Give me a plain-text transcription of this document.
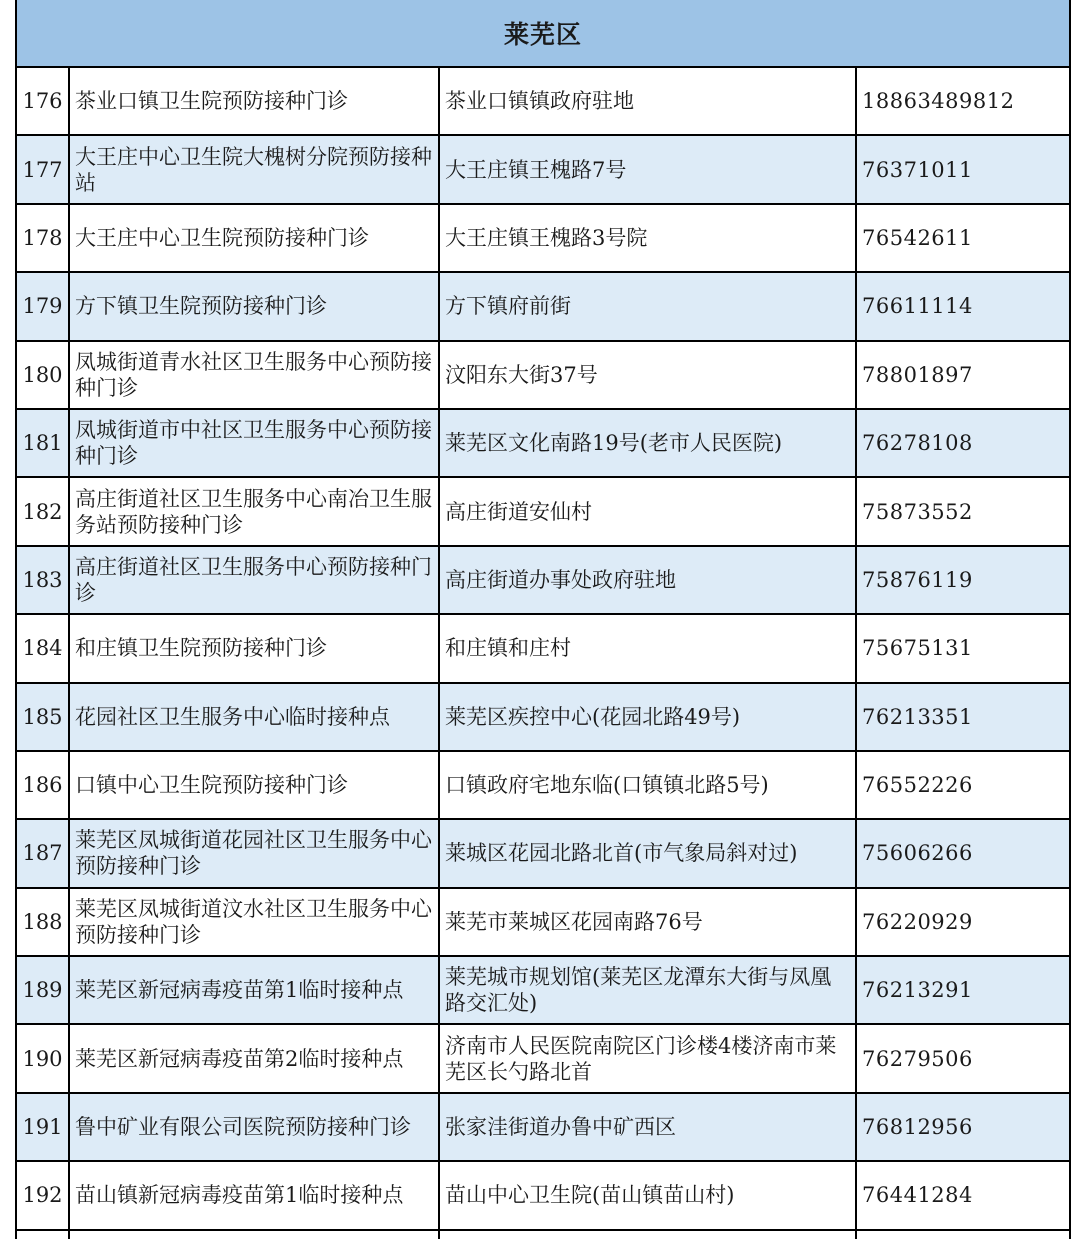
莱芜区			
176	茶业口镇卫生院预防接种门诊	茶业口镇镇政府驻地	18863489812
177	大王庄中心卫生院大槐树分院预防接种站	大王庄镇王槐路7号	76371011
178	大王庄中心卫生院预防接种门诊	大王庄镇王槐路3号院	76542611
179	方下镇卫生院预防接种门诊	方下镇府前街	76611114
180	凤城街道青水社区卫生服务中心预防接种门诊	汶阳东大街37号	78801897
181	凤城街道市中社区卫生服务中心预防接种门诊	莱芜区文化南路19号(老市人民医院)	76278108
182	高庄街道社区卫生服务中心南冶卫生服务站预防接种门诊	高庄街道安仙村	75873552
183	高庄街道社区卫生服务中心预防接种门诊	高庄街道办事处政府驻地	75876119
184	和庄镇卫生院预防接种门诊	和庄镇和庄村	75675131
185	花园社区卫生服务中心临时接种点	莱芜区疾控中心(花园北路49号)	76213351
186	口镇中心卫生院预防接种门诊	口镇政府宅地东临(口镇镇北路5号)	76552226
187	莱芜区凤城街道花园社区卫生服务中心预防接种门诊	莱城区花园北路北首(市气象局斜对过)	75606266
188	莱芜区凤城街道汶水社区卫生服务中心预防接种门诊	莱芜市莱城区花园南路76号	76220929
189	莱芜区新冠病毒疫苗第1临时接种点	莱芜城市规划馆(莱芜区龙潭东大街与凤凰路交汇处)	76213291
190	莱芜区新冠病毒疫苗第2临时接种点	济南市人民医院南院区门诊楼4楼济南市莱芜区长勺路北首	76279506
191	鲁中矿业有限公司医院预防接种门诊	张家洼街道办鲁中矿西区	76812956
192	苗山镇新冠病毒疫苗第1临时接种点	苗山中心卫生院(苗山镇苗山村)	76441284
